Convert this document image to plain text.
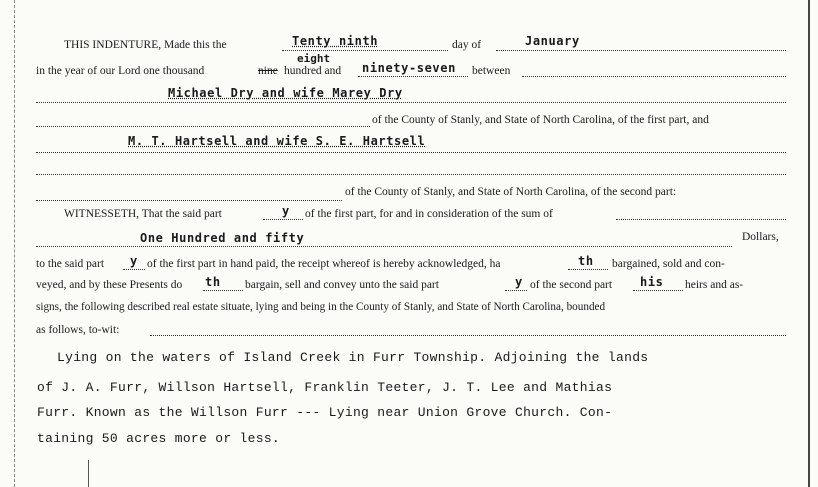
THIS INDENTURE, Made this the	Tenty ninth	day of	January
eight
in the year of our Lord one thousand	nine hundred and ninety-seven between
Michael Dry and wife Marey Dry
of the County of Stanly, and State of North Carolina, of the first part, and
M. T. Hartsell and wife S. E. Hartsell
of the County of Stanly, and State of North Carolina, of the second part:
WITNESSETH, That the said part	y of the first part, for and in consideration of the sum of
One Hundred and fifty	Dollars,
to the said part y of the first part in hand paid, the receipt whereof is hereby acknowledged, ha	th bargained, sold and con-
veyed, and by these Presents do th bargain, sell and convey unto the said part	y of the second part his heirs and as-
signs, the following described real estate situate, lying and being in the County of Stanly, and State of North Carolina, bounded
as follows, to-wit:
Lying on the waters of Island Creek in Furr Township. Adjoining the lands
of J. A. Furr, Willson Hartsell, Franklin Teeter, J. T. Lee and Mathias
Furr. Known as the Willson Furr --- Lying near Union Grove Church. Con-
taining 50 acres more or less.
